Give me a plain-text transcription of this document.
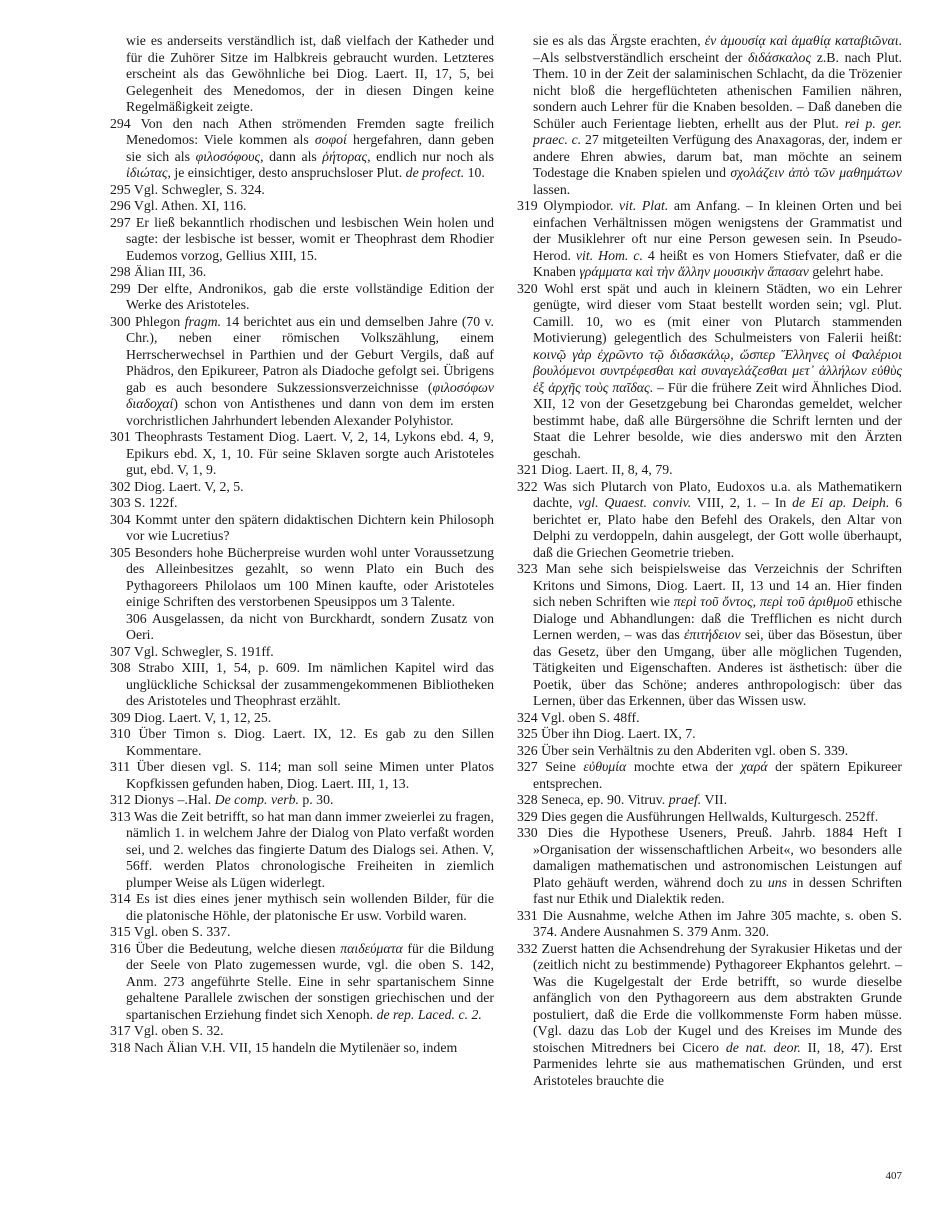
wie es anderseits verständlich ist, daß vielfach der Katheder und für die Zuhörer Sitze im Halbkreis gebraucht wurden. Letzteres erscheint als das Gewöhnliche bei Diog. Laert. II, 17, 5, bei Gelegenheit des Menedomos, der in diesen Dingen keine Regelmäßigkeit zeigte.

294 Von den nach Athen strömenden Fremden sagte freilich Menedomos: Viele kommen als σοφοί hergefahren, dann geben sie sich als φιλοσόφους, dann als ῥήτορας, endlich nur noch als ἰδιώτας, je einsichtiger, desto anspruchsloser Plut. de profect. 10.

295 Vgl. Schwegler, S. 324.

296 Vgl. Athen. XI, 116.

297 Er ließ bekanntlich rhodischen und lesbischen Wein holen und sagte: der lesbische ist besser, womit er Theophrast dem Rhodier Eudemos vorzog, Gellius XIII, 15.

298 Älian III, 36.

299 Der elfte, Andronikos, gab die erste vollständige Edition der Werke des Aristoteles.

300 Phlegon fragm. 14 berichtet aus ein und demselben Jahre (70 v. Chr.), neben einer römischen Volkszählung, einem Herrscherwechsel in Parthien und der Geburt Vergils, daß auf Phädros, den Epikureer, Patron als Diadoche gefolgt sei. Übrigens gab es auch besondere Sukzessionsverzeichnisse (φιλοσόφων διαδοχαί) schon von Antisthenes und dann von dem im ersten vorchristlichen Jahrhundert lebenden Alexander Polyhistor.

301 Theophrasts Testament Diog. Laert. V, 2, 14, Lykons ebd. 4, 9, Epikurs ebd. X, 1, 10. Für seine Sklaven sorgte auch Aristoteles gut, ebd. V, 1, 9.

302 Diog. Laert. V, 2, 5.

303 S. 122f.

304 Kommt unter den spätern didaktischen Dichtern kein Philosoph vor wie Lucretius?

305 Besonders hohe Bücherpreise wurden wohl unter Voraussetzung des Alleinbesitzes gezahlt, so wenn Plato ein Buch des Pythagoreers Philolaos um 100 Minen kaufte, oder Aristoteles einige Schriften des verstorbenen Speusippos um 3 Talente.

306 Ausgelassen, da nicht von Burckhardt, sondern Zusatz von Oeri.

307 Vgl. Schwegler, S. 191ff.

308 Strabo XIII, 1, 54, p. 609. Im nämlichen Kapitel wird das unglückliche Schicksal der zusammengekommenen Bibliotheken des Aristoteles und Theophrast erzählt.

309 Diog. Laert. V, 1, 12, 25.

310 Über Timon s. Diog. Laert. IX, 12. Es gab zu den Sillen Kommentare.

311 Über diesen vgl. S. 114; man soll seine Mimen unter Platos Kopfkissen gefunden haben, Diog. Laert. III, 1, 13.

312 Dionys –.Hal. De comp. verb. p. 30.

313 Was die Zeit betrifft, so hat man dann immer zweierlei zu fragen, nämlich 1. in welchem Jahre der Dialog von Plato verfaßt worden sei, und 2. welches das fingierte Datum des Dialogs sei. Athen. V, 56ff. werden Platos chronologische Freiheiten in ziemlich plumper Weise als Lügen widerlegt.

314 Es ist dies eines jener mythisch sein wollenden Bilder, für die die platonische Höhle, der platonische Er usw. Vorbild waren.

315 Vgl. oben S. 337.

316 Über die Bedeutung, welche diesen παιδεύματα für die Bildung der Seele von Plato zugemessen wurde, vgl. die oben S. 142, Anm. 273 angeführte Stelle. Eine in sehr spartanischem Sinne gehaltene Parallele zwischen der sonstigen griechischen und der spartanischen Erziehung findet sich Xenoph. de rep. Laced. c. 2.

317 Vgl. oben S. 32.

318 Nach Älian V.H. VII, 15 handeln die Mytilenäer so, indem

sie es als das Ärgste erachten, ἐν ἀμουσίᾳ καὶ ἀμαθίᾳ καταβιῶναι. –Als selbstverständlich erscheint der διδάσκαλος z.B. nach Plut. Them. 10 in der Zeit der salaminischen Schlacht, da die Trözenier nicht bloß die hergeflüchteten athenischen Familien nähren, sondern auch Lehrer für die Knaben besolden. – Daß daneben die Schüler auch Ferientage liebten, erhellt aus der Plut. rei p. ger. praec. c. 27 mitgeteilten Verfügung des Anaxagoras, der, indem er andere Ehren abwies, darum bat, man möchte an seinem Todestage die Knaben spielen und σχολάζειν ἀπὸ τῶν μαθημάτων lassen.

319 Olympiodor. vit. Plat. am Anfang. – In kleinen Orten und bei einfachen Verhältnissen mögen wenigstens der Grammatist und der Musiklehrer oft nur eine Person gewesen sein. In Pseudo-Herod. vit. Hom. c. 4 heißt es von Homers Stiefvater, daß er die Knaben γράμματα καὶ τὴν ἄλλην μουσικὴν ἅπασαν gelehrt habe.

320 Wohl erst spät und auch in kleinern Städten, wo ein Lehrer genügte, wird dieser vom Staat bestellt worden sein; vgl. Plut. Camill. 10, wo es (mit einer von Plutarch stammenden Motivierung) gelegentlich des Schulmeisters von Falerii heißt: κοινῷ γὰρ ἐχρῶντο τῷ διδασκάλῳ, ὥσπερ Ἕλληνες οἱ Φαλέριοι βουλόμενοι συντρέφεσθαι καὶ συναγελάζεσθαι μετ᾽ ἀλλήλων εὐθὺς ἐξ ἀρχῆς τοὺς παῖδας. – Für die frühere Zeit wird Ähnliches Diod. XII, 12 von der Gesetzgebung bei Charondas gemeldet, welcher bestimmt habe, daß alle Bürgersöhne die Schrift lernten und der Staat die Lehrer besolde, wie dies anderswo mit den Ärzten geschah.

321 Diog. Laert. II, 8, 4, 79.

322 Was sich Plutarch von Plato, Eudoxos u.a. als Mathematikern dachte, vgl. Quaest. conviv. VIII, 2, 1. – In de Ei ap. Deiph. 6 berichtet er, Plato habe den Befehl des Orakels, den Altar von Delphi zu verdoppeln, dahin ausgelegt, der Gott wolle überhaupt, daß die Griechen Geometrie trieben.

323 Man sehe sich beispielsweise das Verzeichnis der Schriften Kritons und Simons, Diog. Laert. II, 13 und 14 an. Hier finden sich neben Schriften wie περὶ τοῦ ὄντος, περὶ τοῦ ἀριθμοῦ ethische Dialoge und Abhandlungen: daß die Trefflichen es nicht durch Lernen werden, – was das ἐπιτήδειον sei, über das Bösestun, über das Gesetz, über den Umgang, über alle möglichen Tugenden, Tätigkeiten und Eigenschaften. Anderes ist ästhetisch: über die Poetik, über das Schöne; anderes anthropologisch: über das Lernen, über das Erkennen, über das Wissen usw.

324 Vgl. oben S. 48ff.

325 Über ihn Diog. Laert. IX, 7.

326 Über sein Verhältnis zu den Abderiten vgl. oben S. 339.

327 Seine εὐθυμία mochte etwa der χαρά der spätern Epikureer entsprechen.

328 Seneca, ep. 90. Vitruv. praef. VII.

329 Dies gegen die Ausführungen Hellwalds, Kulturgesch. 252ff.

330 Dies die Hypothese Useners, Preuß. Jahrb. 1884 Heft I »Organisation der wissenschaftlichen Arbeit«, wo besonders alle damaligen mathematischen und astronomischen Leistungen auf Plato gehäuft werden, während doch zu uns in dessen Schriften fast nur Ethik und Dialektik reden.

331 Die Ausnahme, welche Athen im Jahre 305 machte, s. oben S. 374. Andere Ausnahmen S. 379 Anm. 320.

332 Zuerst hatten die Achsendrehung der Syrakusier Hiketas und der (zeitlich nicht zu bestimmende) Pythagoreer Ekphantos gelehrt. – Was die Kugelgestalt der Erde betrifft, so wurde dieselbe anfänglich von den Pythagoreern aus dem abstrakten Grunde postuliert, daß die Erde die vollkommenste Form haben müsse. (Vgl. dazu das Lob der Kugel und des Kreises im Munde des stoischen Mitredners bei Cicero de nat. deor. II, 18, 47). Erst Parmenides lehrte sie aus mathematischen Gründen, und erst Aristoteles brauchte die

407
